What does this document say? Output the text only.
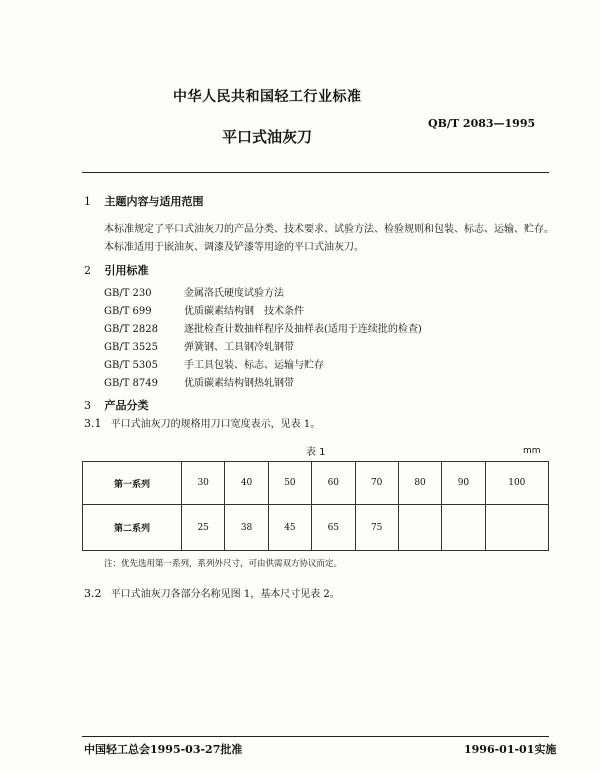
中华人民共和国轻工行业标准
QB/T 2083—1995
平口式油灰刀
1 主题内容与适用范围
本标准规定了平口式油灰刀的产品分类、技术要求、试验方法、检验规则和包装、标志、运输、贮存。
本标准适用于嵌油灰、调漆及铲漆等用途的平口式油灰刀。
2 引用标准
GB/T 230	金属洛氏硬度试验方法
GB/T 699	优质碳素结构钢　技术条件
GB/T 2828	逐批检查计数抽样程序及抽样表(适用于连续批的检查)
GB/T 3525	弹簧钢、工具钢冷轧钢带
GB/T 5305	手工具包装、标志、运输与贮存
GB/T 8749	优质碳素结构钢热轧钢带
3 产品分类
3.1 平口式油灰刀的规格用刀口宽度表示，见表 1。
表 1	mm
第一系列	30	40	50	60	70	80	90	100
第二系列	25	38	45	65	75			
注：优先选用第一系列，系列外尺寸，可由供需双方协议而定。
3.2 平口式油灰刀各部分名称见图 1，基本尺寸见表 2。
中国轻工总会1995-03-27批准	1996-01-01实施
